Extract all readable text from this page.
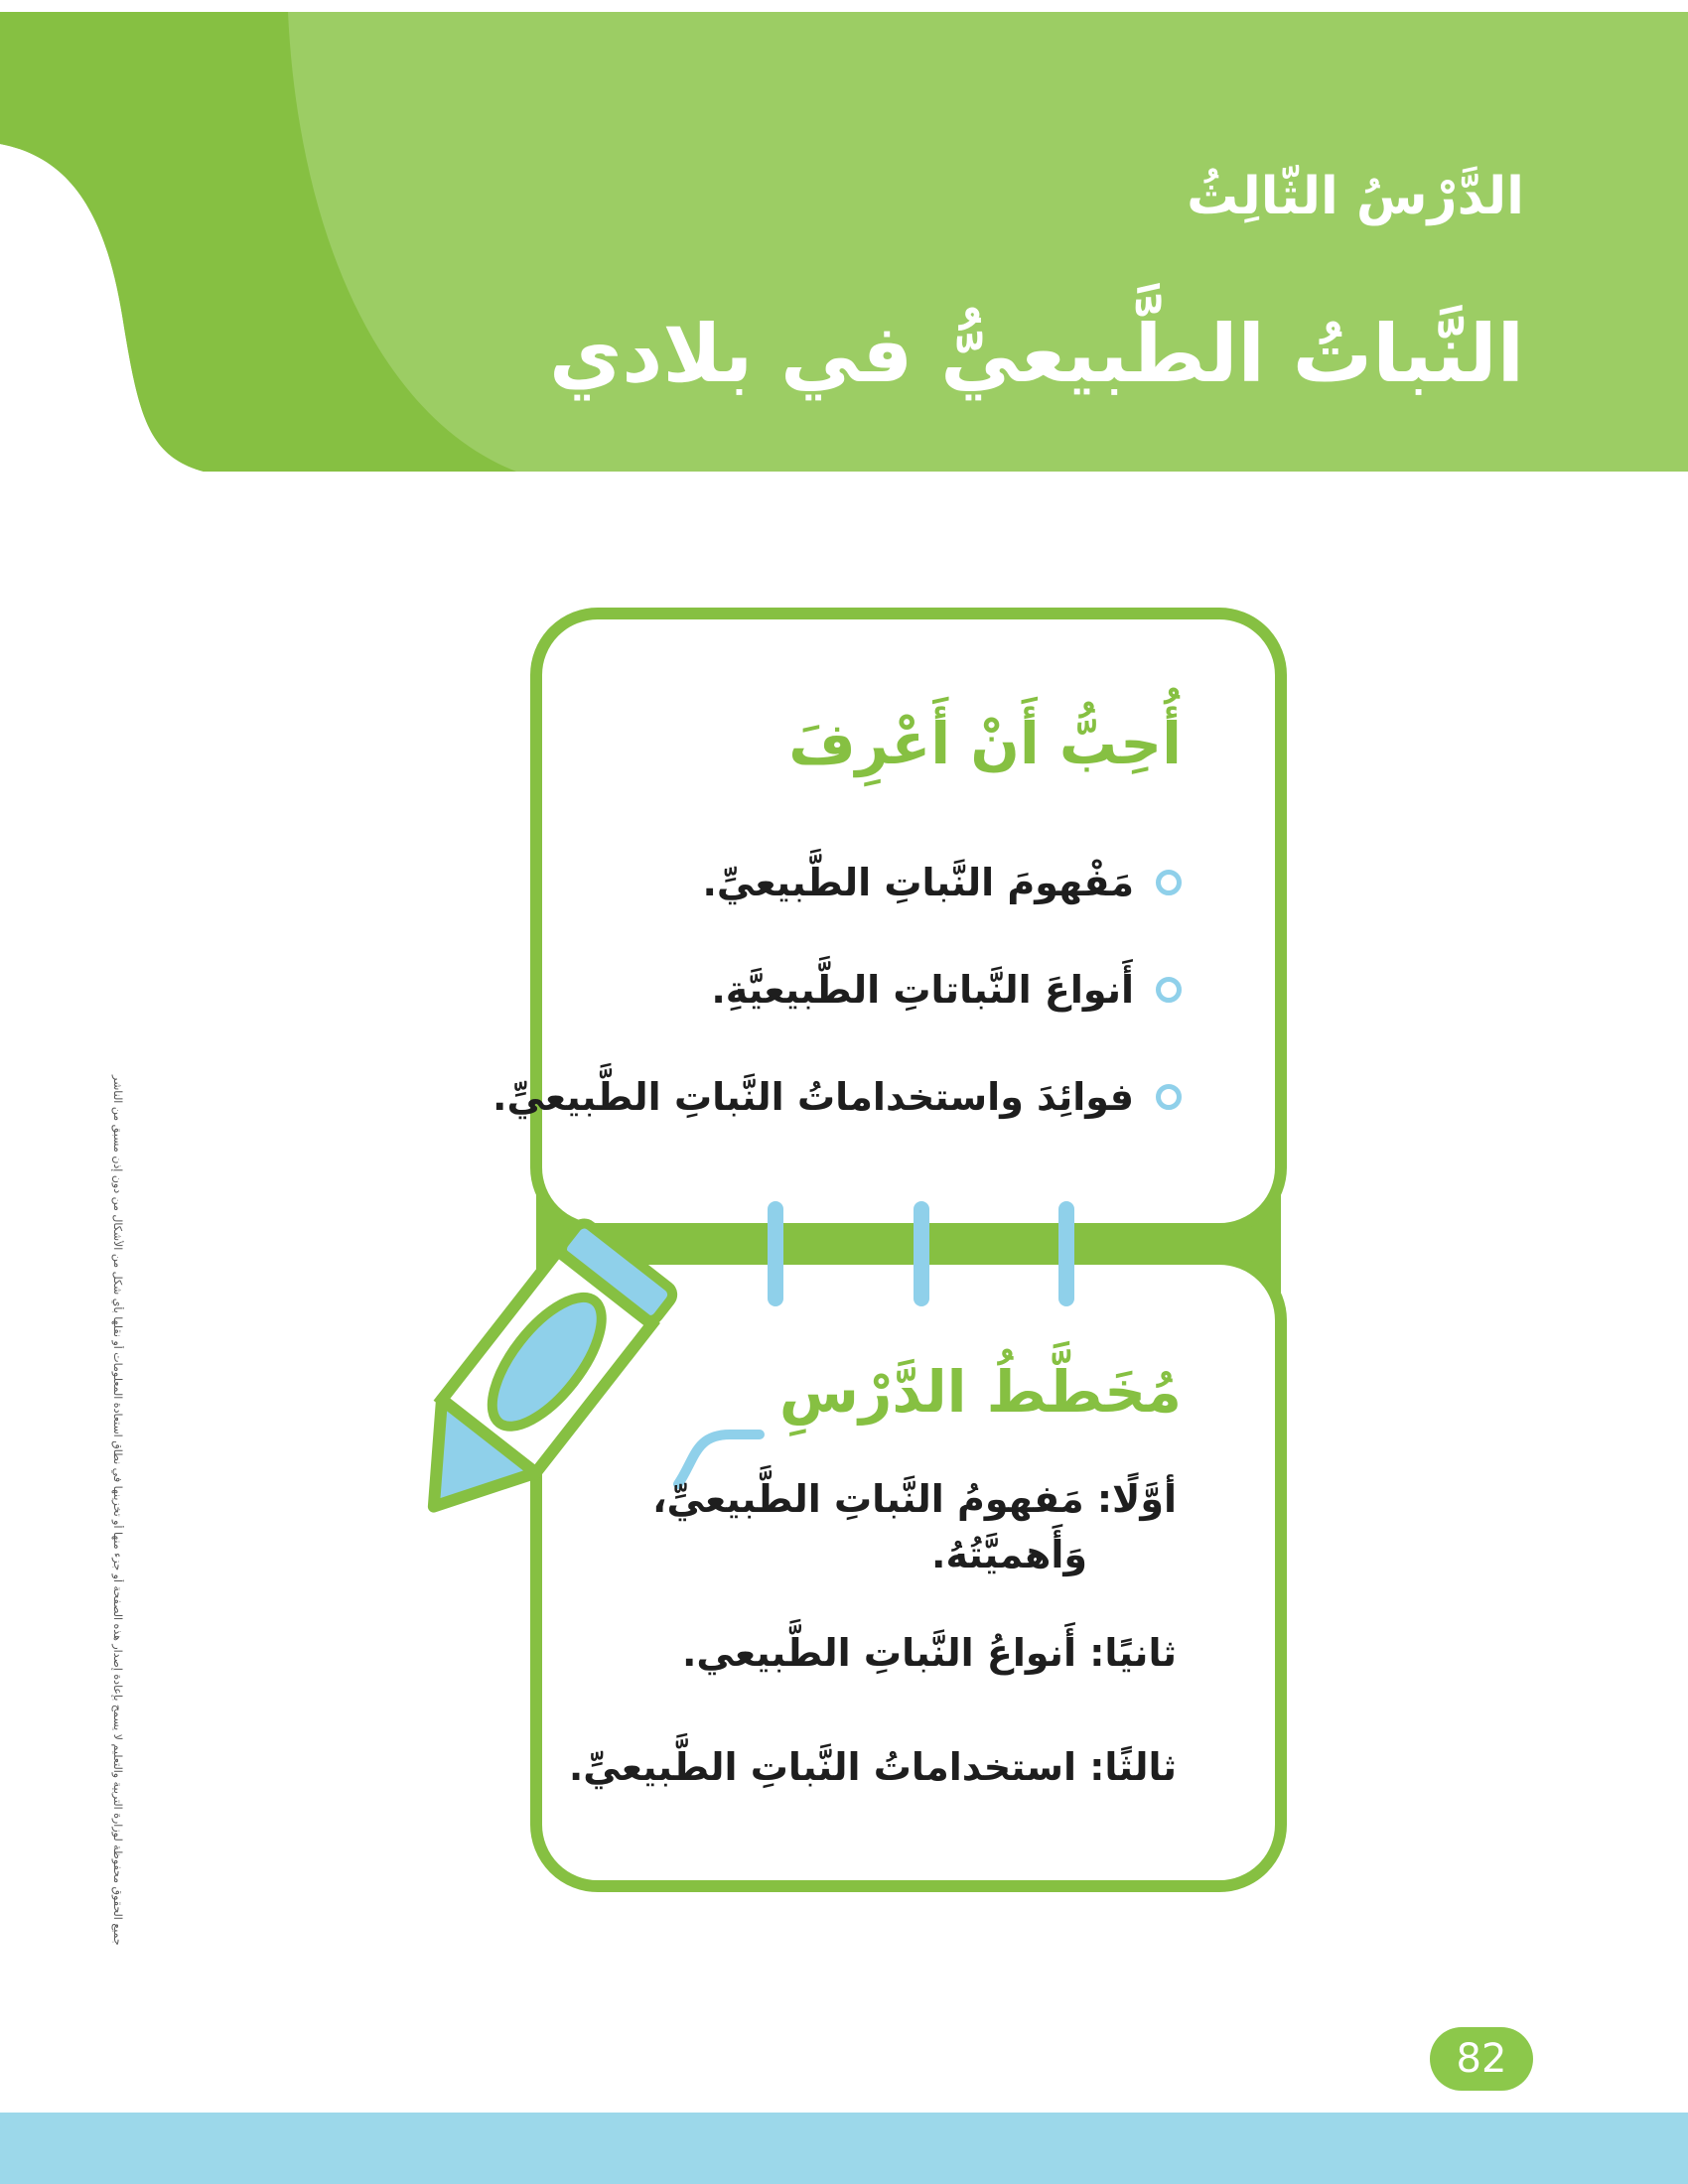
الدَّرْسُ الثّالِثُ
النَّباتُ الطَّبيعيُّ في بلادي
جميع الحقوق محفوظة لوزارة التربية والتعليم لا يسمح بإعادة إصدار هذه الصفحة أو جزء منها أو تخزينها في نطاق استعادة المعلومات أو نقلها بأي شكل من الأشكال من دون إذن مسبق من الناشر
أُحِبُّ أَنْ أَعْرِفَ
مَفْهومَ النَّباتِ الطَّبيعيِّ.
أَنواعَ النَّباتاتِ الطَّبيعيَّةِ.
فوائِدَ واستخداماتُ النَّباتِ الطَّبيعيِّ.
مُخَطَّطُ الدَّرْسِ
أوَّلًا: مَفهومُ النَّباتِ الطَّبيعيِّ،
وَأَهميَّتُهُ.
ثانيًا: أَنواعُ النَّباتِ الطَّبيعي.
ثالثًا: استخداماتُ النَّباتِ الطَّبيعيِّ.
82
